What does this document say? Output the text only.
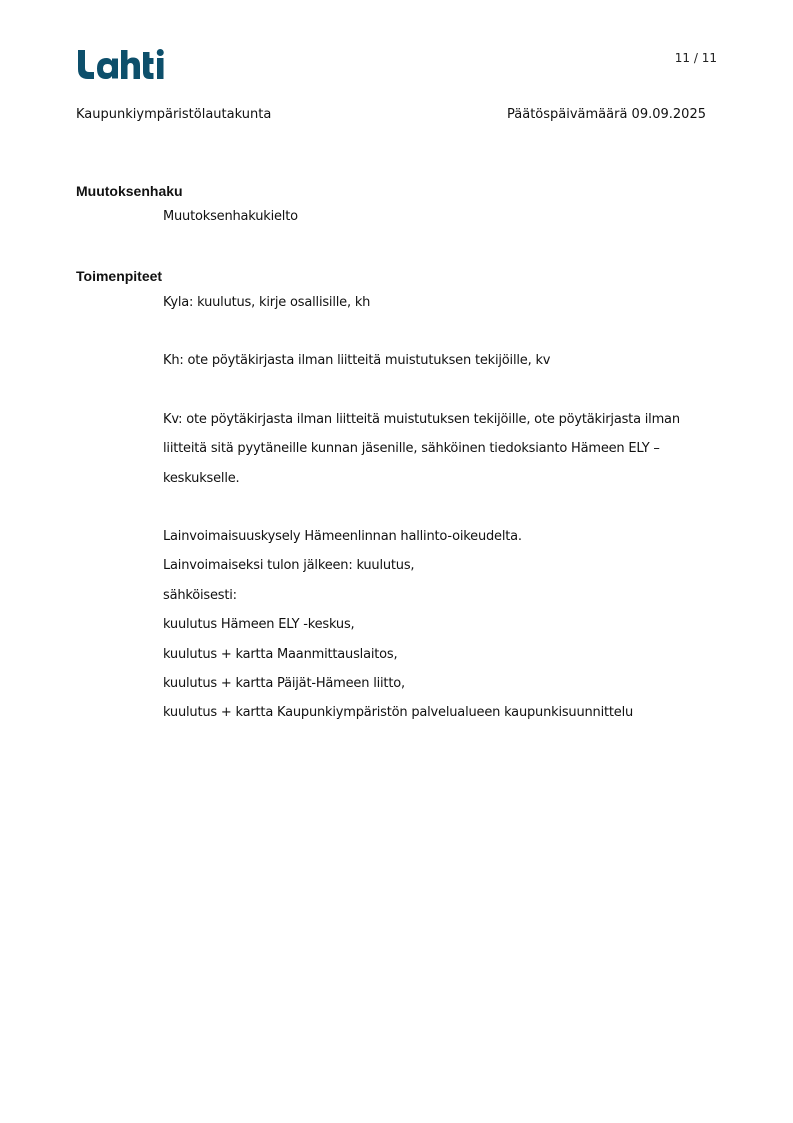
11 / 11
Kaupunkiympäristölautakunta	Päätöspäivämäärä 09.09.2025
Muutoksenhaku
Muutoksenhakukielto
Toimenpiteet
Kyla: kuulutus, kirje osallisille, kh
Kh: ote pöytäkirjasta ilman liitteitä muistutuksen tekijöille, kv
Kv: ote pöytäkirjasta ilman liitteitä muistutuksen tekijöille, ote pöytäkirjasta ilman
liitteitä sitä pyytäneille kunnan jäsenille, sähköinen tiedoksianto Hämeen ELY –
keskukselle.
Lainvoimaisuuskysely Hämeenlinnan hallinto-oikeudelta.
Lainvoimaiseksi tulon jälkeen: kuulutus,
sähköisesti:
kuulutus Hämeen ELY -keskus,
kuulutus + kartta Maanmittauslaitos,
kuulutus + kartta Päijät-Hämeen liitto,
kuulutus + kartta Kaupunkiympäristön palvelualueen kaupunkisuunnittelu
